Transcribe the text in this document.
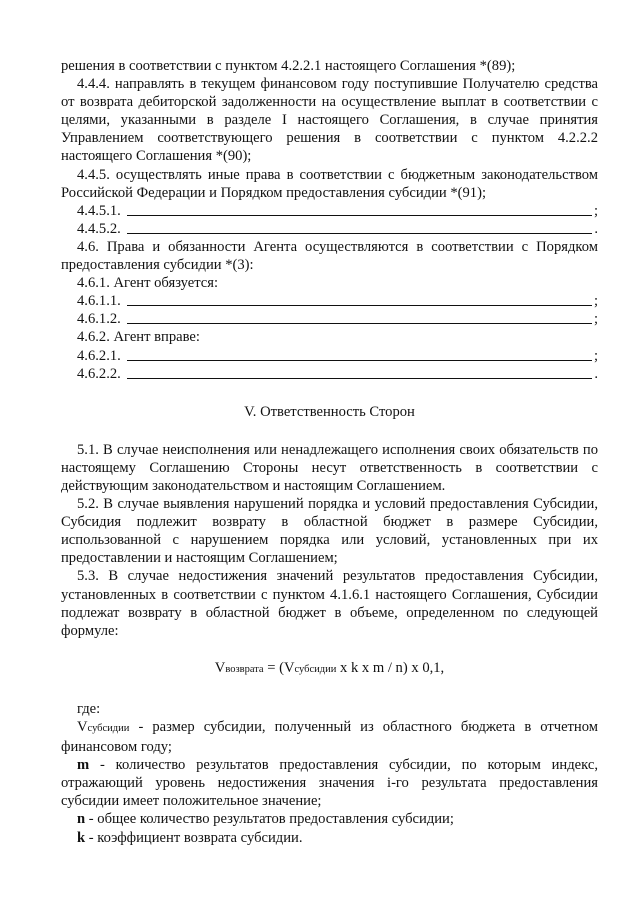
решения в соответствии с пунктом 4.2.2.1 настоящего Соглашения *(89);

4.4.4. направлять в текущем финансовом году поступившие Получателю средства от возврата дебиторской задолженности на осуществление выплат в соответствии с целями, указанными в разделе I настоящего Соглашения, в случае принятия Управлением соответствующего решения в соответствии с пунктом 4.2.2.2 настоящего Соглашения *(90);

4.4.5. осуществлять иные права в соответствии с бюджетным законодательством Российской Федерации и Порядком предоставления субсидии *(91);

4.4.5.1.	;
4.4.5.2.	.

4.6. Права и обязанности Агента осуществляются в соответствии с Порядком предоставления субсидии *(3):

4.6.1. Агент обязуется:

4.6.1.1.	;
4.6.1.2.	;

4.6.2. Агент вправе:

4.6.2.1.	;
4.6.2.2.	.

V. Ответственность Сторон

5.1. В случае неисполнения или ненадлежащего исполнения своих обязательств по настоящему Соглашению Стороны несут ответственность в соответствии с действующим законодательством и настоящим Соглашением.

5.2. В случае выявления нарушений порядка и условий предоставления Субсидии, Субсидия подлежит возврату в областной бюджет в размере Субсидии, использованной с нарушением порядка или условий, установленных при их предоставлении и настоящим Соглашением;

5.3. В случае недостижения значений результатов предоставления Субсидии, установленных в соответствии с пунктом 4.1.6.1 настоящего Соглашения, Субсидии подлежат возврату в областной бюджет в объеме, определенном по следующей формуле:

Vвозврата = (Vсубсидии x k x m / n) x 0,1,

где:

Vсубсидии - размер субсидии, полученный из областного бюджета в отчетном финансовом году;

m - количество результатов предоставления субсидии, по которым индекс, отражающий уровень недостижения значения i-го результата предоставления субсидии имеет положительное значение;

n - общее количество результатов предоставления субсидии;

k - коэффициент возврата субсидии.
